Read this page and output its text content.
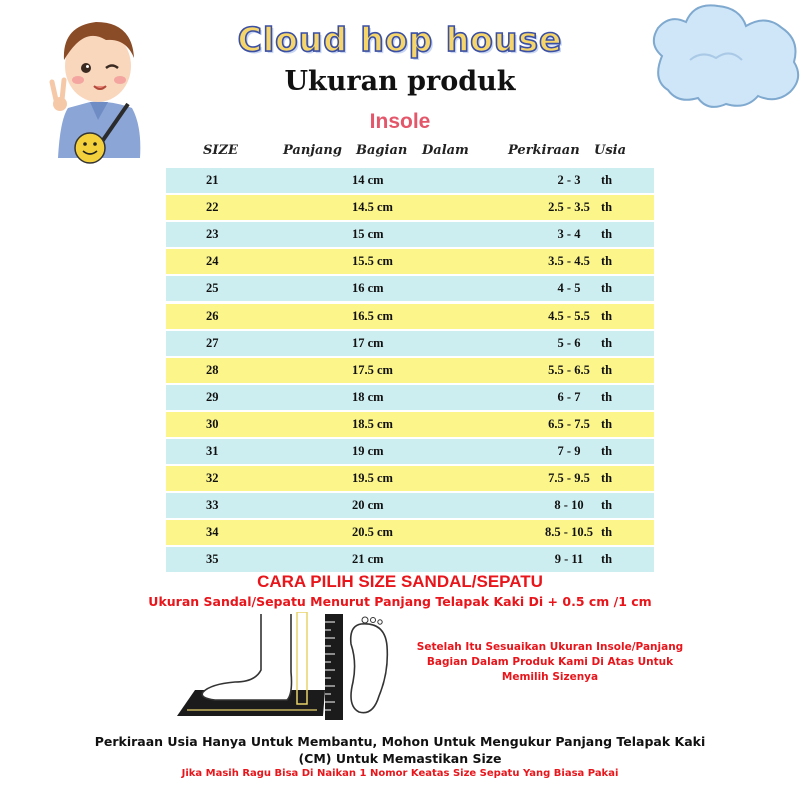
Cloud hop house
Ukuran produk
Insole
SIZE	Panjang Bagian Dalam	Perkiraan Usia
21	14 cm	2 - 3	th
22	14.5 cm	2.5 - 3.5 th
23	15 cm	3 - 4	th
24	15.5 cm	3.5 - 4.5 th
25	16 cm	4 - 5	th
26	16.5 cm	4.5 - 5.5 th
27	17 cm	5 - 6	th
28	17.5 cm	5.5 - 6.5 th
29	18 cm	6 - 7	th
30	18.5 cm	6.5 - 7.5 th
31	19 cm	7 - 9	th
32	19.5 cm	7.5 - 9.5 th
33	20 cm	8 - 10	th
34	20.5 cm	8.5 - 10.5 th
35	21 cm	9 - 11	th
CARA PILIH SIZE SANDAL/SEPATU
Ukuran Sandal/Sepatu Menurut Panjang Telapak Kaki Di + 0.5 cm /1 cm
Setelah Itu Sesuaikan Ukuran Insole/Panjang Bagian Dalam Produk Kami Di Atas Untuk Memilih Sizenya
Perkiraan Usia Hanya Untuk Membantu, Mohon Untuk Mengukur Panjang Telapak Kaki (CM) Untuk Memastikan Size
Jika Masih Ragu Bisa Di Naikan 1 Nomor Keatas Size Sepatu Yang Biasa Pakai
